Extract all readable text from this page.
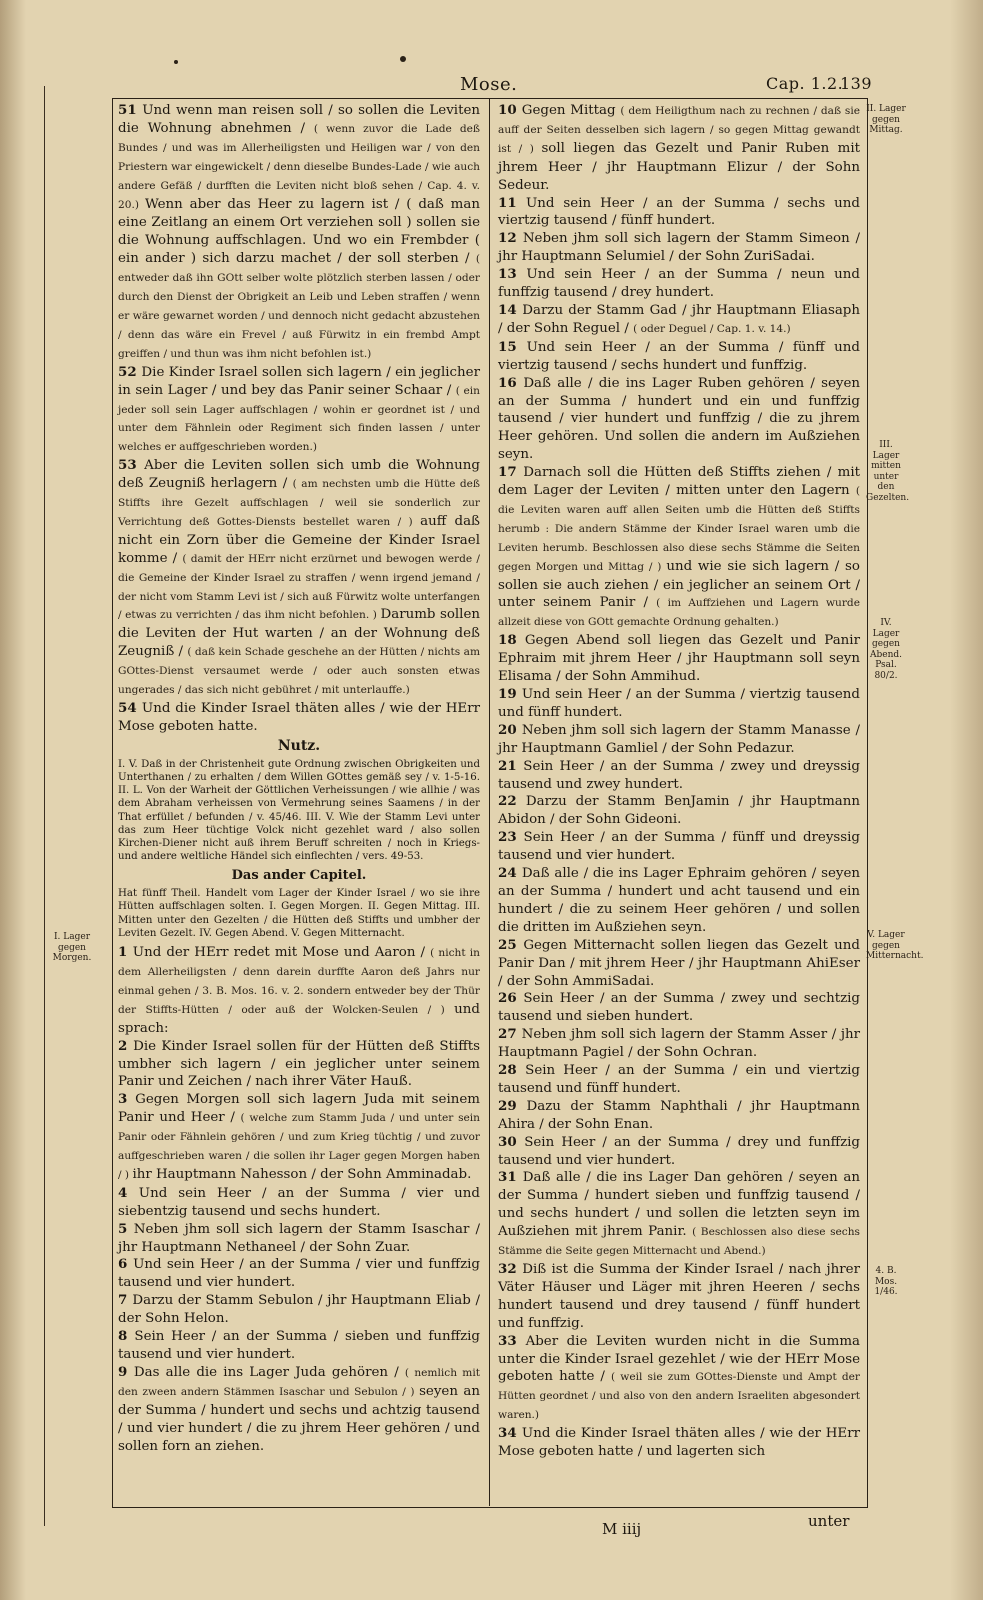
Mose.	Cap. 1.2.
139

51 Und wenn man reisen soll / so sollen die Leviten die Wohnung abnehmen / ( wenn zuvor die Lade deß Bundes / und was im Allerheiligsten und Heiligen war / von den Priestern war eingewickelt / denn dieselbe Bundes-Lade / wie auch andere Gefäß / durfften die Leviten nicht bloß sehen / Cap. 4. v. 20.) Wenn aber das Heer zu lagern ist / ( daß man eine Zeitlang an einem Ort verziehen soll ) sollen sie die Wohnung auffschlagen. Und wo ein Frembder ( ein ander ) sich darzu machet / der soll sterben / ( entweder daß ihn GOtt selber wolte plötzlich sterben lassen / oder durch den Dienst der Obrigkeit an Leib und Leben straffen / wenn er wäre gewarnet worden / und dennoch nicht gedacht abzustehen / denn das wäre ein Frevel / auß Fürwitz in ein frembd Ampt greiffen / und thun was ihm nicht befohlen ist.)

52 Die Kinder Israel sollen sich lagern / ein jeglicher in sein Lager / und bey das Panir seiner Schaar / ( ein jeder soll sein Lager auffschlagen / wohin er geordnet ist / und unter dem Fähnlein oder Regiment sich finden lassen / unter welches er auffgeschrieben worden.)

53 Aber die Leviten sollen sich umb die Wohnung deß Zeugniß herlagern / ( am nechsten umb die Hütte deß Stiffts ihre Gezelt auffschlagen / weil sie sonderlich zur Verrichtung deß Gottes-Diensts bestellet waren / ) auff daß nicht ein Zorn über die Gemeine der Kinder Israel komme / ( damit der HErr nicht erzürnet und bewogen werde / die Gemeine der Kinder Israel zu straffen / wenn irgend jemand / der nicht vom Stamm Levi ist / sich auß Fürwitz wolte unterfangen / etwas zu verrichten / das ihm nicht befohlen. ) Darumb sollen die Leviten der Hut warten / an der Wohnung deß Zeugniß / ( daß kein Schade geschehe an der Hütten / nichts am GOttes-Dienst versaumet werde / oder auch sonsten etwas ungerades / das sich nicht gebühret / mit unterlauffe.)

54 Und die Kinder Israel thäten alles / wie der HErr Mose geboten hatte.

Nutz.
I. V. Daß in der Christenheit gute Ordnung zwischen Obrigkeiten und Unterthanen / zu erhalten / dem Willen GOttes gemäß sey / v. 1-5-16. II. L. Von der Warheit der Göttlichen Verheissungen / wie allhie / was dem Abraham verheissen von Vermehrung seines Saamens / in der That erfüllet / befunden / v. 45/46. III. V. Wie der Stamm Levi unter das zum Heer tüchtige Volck nicht gezehlet ward / also sollen Kirchen-Diener nicht auß ihrem Beruff schreiten / noch in Kriegs- und andere weltliche Händel sich einflechten / vers. 49-53.
Das ander Capitel.
Hat fünff Theil. Handelt vom Lager der Kinder Israel / wo sie ihre Hütten auffschlagen solten. I. Gegen Morgen. II. Gegen Mittag. III. Mitten unter den Gezelten / die Hütten deß Stiffts und umbher der Leviten Gezelt. IV. Gegen Abend. V. Gegen Mitternacht.

1 Und der HErr redet mit Mose und Aaron / ( nicht in dem Allerheiligsten / denn darein durffte Aaron deß Jahrs nur einmal gehen / 3. B. Mos. 16. v. 2. sondern entweder bey der Thür der Stiffts-Hütten / oder auß der Wolcken-Seulen / ) und sprach:

2 Die Kinder Israel sollen für der Hütten deß Stiffts umbher sich lagern / ein jeglicher unter seinem Panir und Zeichen / nach ihrer Väter Hauß.

3 Gegen Morgen soll sich lagern Juda mit seinem Panir und Heer / ( welche zum Stamm Juda / und unter sein Panir oder Fähnlein gehören / und zum Krieg tüchtig / und zuvor auffgeschrieben waren / die sollen ihr Lager gegen Morgen haben / ) ihr Hauptmann Nahesson / der Sohn Amminadab.

4 Und sein Heer / an der Summa / vier und siebentzig tausend und sechs hundert.

5 Neben jhm soll sich lagern der Stamm Isaschar / jhr Hauptmann Nethaneel / der Sohn Zuar.

6 Und sein Heer / an der Summa / vier und funffzig tausend und vier hundert.

7 Darzu der Stamm Sebulon / jhr Hauptmann Eliab / der Sohn Helon.

8 Sein Heer / an der Summa / sieben und funffzig tausend und vier hundert.

9 Das alle die ins Lager Juda gehören / ( nemlich mit den zween andern Stämmen Isaschar und Sebulon / ) seyen an der Summa / hundert und sechs und achtzig tausend / und vier hundert / die zu jhrem Heer gehören / und sollen forn an ziehen.

10 Gegen Mittag ( dem Heiligthum nach zu rechnen / daß sie auff der Seiten desselben sich lagern / so gegen Mittag gewandt ist / ) soll liegen das Gezelt und Panir Ruben mit jhrem Heer / jhr Hauptmann Elizur / der Sohn Sedeur.

11 Und sein Heer / an der Summa / sechs und viertzig tausend / fünff hundert.

12 Neben jhm soll sich lagern der Stamm Simeon / jhr Hauptmann Selumiel / der Sohn ZuriSadai.

13 Und sein Heer / an der Summa / neun und funffzig tausend / drey hundert.

14 Darzu der Stamm Gad / jhr Hauptmann Eliasaph / der Sohn Reguel / ( oder Deguel / Cap. 1. v. 14.)

15 Und sein Heer / an der Summa / fünff und viertzig tausend / sechs hundert und funffzig.

16 Daß alle / die ins Lager Ruben gehören / seyen an der Summa / hundert und ein und funffzig tausend / vier hundert und funffzig / die zu jhrem Heer gehören. Und sollen die andern im Außziehen seyn.

17 Darnach soll die Hütten deß Stiffts ziehen / mit dem Lager der Leviten / mitten unter den Lagern ( die Leviten waren auff allen Seiten umb die Hütten deß Stiffts herumb : Die andern Stämme der Kinder Israel waren umb die Leviten herumb. Beschlossen also diese sechs Stämme die Seiten gegen Morgen und Mittag / ) und wie sie sich lagern / so sollen sie auch ziehen / ein jeglicher an seinem Ort / unter seinem Panir / ( im Auffziehen und Lagern wurde allzeit diese von GOtt gemachte Ordnung gehalten.)

18 Gegen Abend soll liegen das Gezelt und Panir Ephraim mit jhrem Heer / jhr Hauptmann soll seyn Elisama / der Sohn Ammihud.

19 Und sein Heer / an der Summa / viertzig tausend und fünff hundert.

20 Neben jhm soll sich lagern der Stamm Manasse / jhr Hauptmann Gamliel / der Sohn Pedazur.

21 Sein Heer / an der Summa / zwey und dreyssig tausend und zwey hundert.

22 Darzu der Stamm BenJamin / jhr Hauptmann Abidon / der Sohn Gideoni.

23 Sein Heer / an der Summa / fünff und dreyssig tausend und vier hundert.

24 Daß alle / die ins Lager Ephraim gehören / seyen an der Summa / hundert und acht tausend und ein hundert / die zu seinem Heer gehören / und sollen die dritten im Außziehen seyn.

25 Gegen Mitternacht sollen liegen das Gezelt und Panir Dan / mit jhrem Heer / jhr Hauptmann AhiEser / der Sohn AmmiSadai.

26 Sein Heer / an der Summa / zwey und sechtzig tausend und sieben hundert.

27 Neben jhm soll sich lagern der Stamm Asser / jhr Hauptmann Pagiel / der Sohn Ochran.

28 Sein Heer / an der Summa / ein und viertzig tausend und fünff hundert.

29 Dazu der Stamm Naphthali / jhr Hauptmann Ahira / der Sohn Enan.

30 Sein Heer / an der Summa / drey und funffzig tausend und vier hundert.

31 Daß alle / die ins Lager Dan gehören / seyen an der Summa / hundert sieben und funffzig tausend / und sechs hundert / und sollen die letzten seyn im Außziehen mit jhrem Panir. ( Beschlossen also diese sechs Stämme die Seite gegen Mitternacht und Abend.)

32 Diß ist die Summa der Kinder Israel / nach jhrer Väter Häuser und Läger mit jhren Heeren / sechs hundert tausend und drey tausend / fünff hundert und funffzig.

33 Aber die Leviten wurden nicht in die Summa unter die Kinder Israel gezehlet / wie der HErr Mose geboten hatte / ( weil sie zum GOttes-Dienste und Ampt der Hütten geordnet / und also von den andern Israeliten abgesondert waren.)

34 Und die Kinder Israel thäten alles / wie der HErr Mose geboten hatte / und lagerten sich

II. Lager gegen Mittag.
III. Lager mitten unter den Gezelten.
IV. Lager gegen Abend. Psal. 80/2.
V. Lager gegen Mitternacht.
4. B. Mos. 1/46.
I. Lager gegen Morgen.
M iiij	unter
